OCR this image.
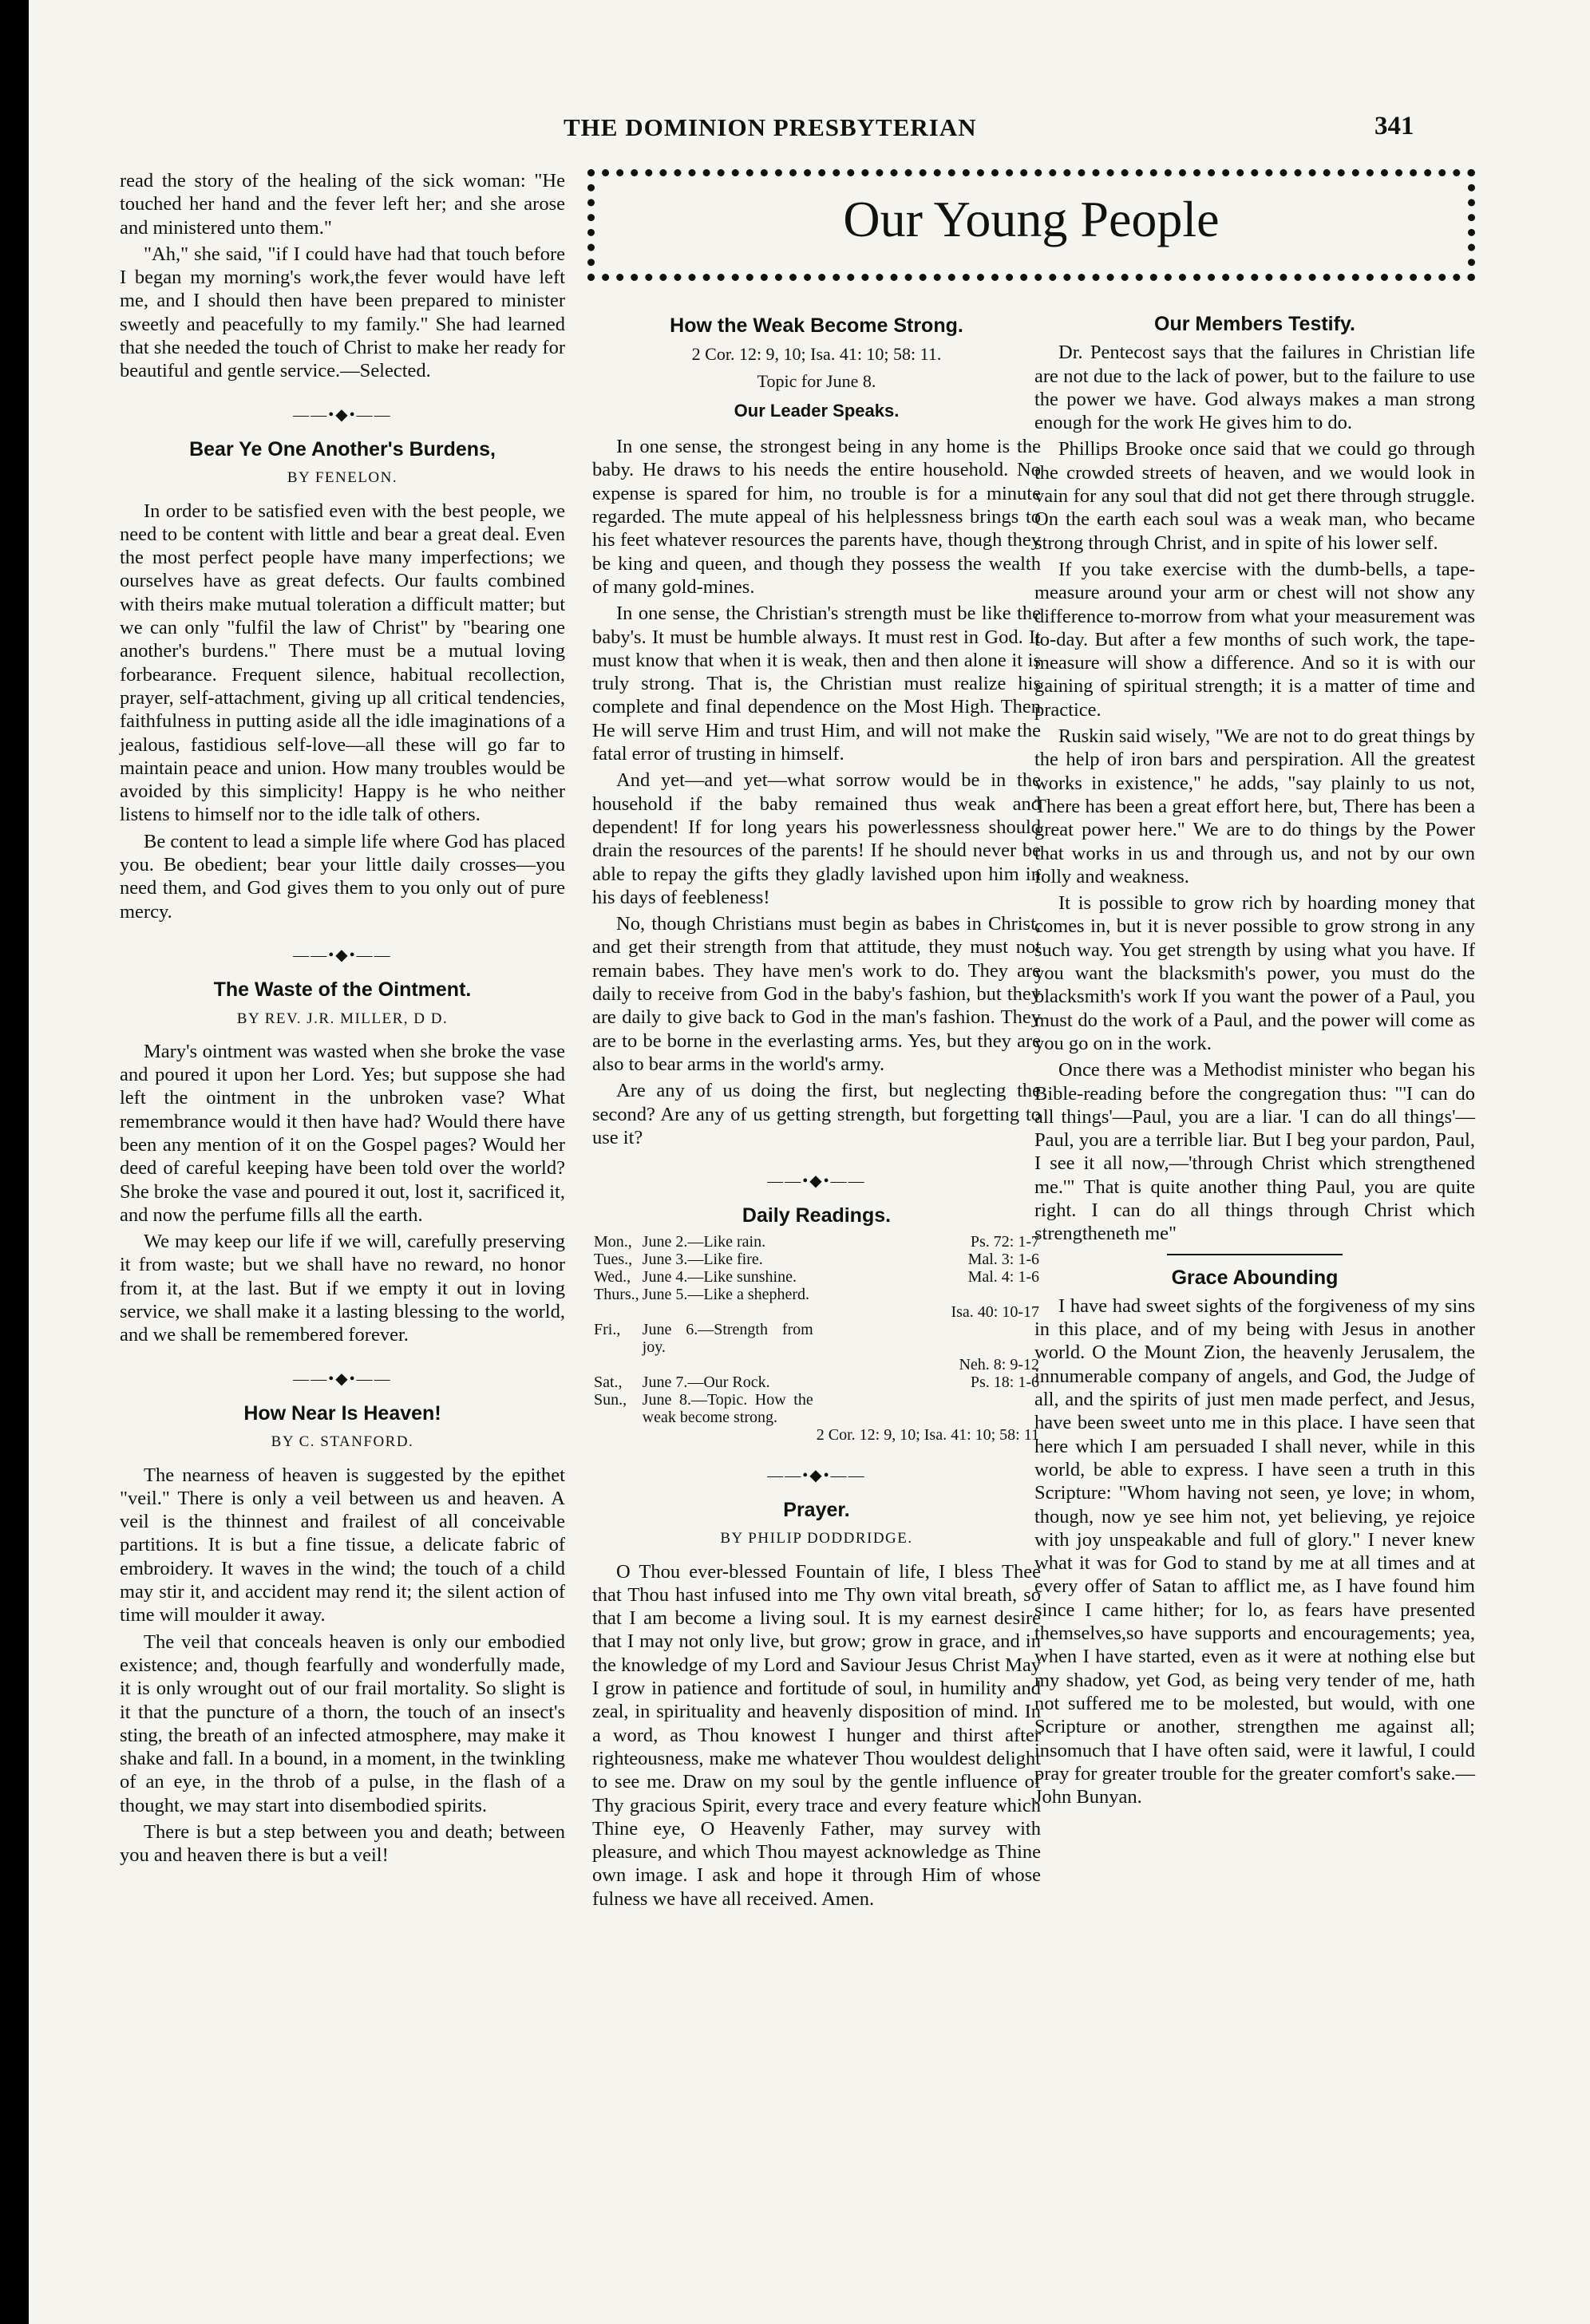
THE DOMINION PRESBYTERIAN	341
Our Young People

read the story of the healing of the sick woman: "He touched her hand and the fever left her; and she arose and ministered unto them."

"Ah," she said, "if I could have had that touch before I began my morning's work,the fever would have left me, and I should then have been prepared to minister sweetly and peacefully to my family." She had learned that she needed the touch of Christ to make her ready for beautiful and gentle service.—Selected.

——•◆•——
Bear Ye One Another's Burdens,
BY FENELON.

In order to be satisfied even with the best people, we need to be content with little and bear a great deal. Even the most perfect people have many imperfections; we ourselves have as great defects. Our faults combined with theirs make mutual toleration a difficult matter; but we can only "fulfil the law of Christ" by "bearing one another's burdens." There must be a mutual loving forbearance. Frequent silence, habitual recollection, prayer, self-attachment, giving up all critical tendencies, faithfulness in putting aside all the idle imaginations of a jealous, fastidious self-love—all these will go far to maintain peace and union. How many troubles would be avoided by this simplicity! Happy is he who neither listens to himself nor to the idle talk of others.

Be content to lead a simple life where God has placed you. Be obedient; bear your little daily crosses—you need them, and God gives them to you only out of pure mercy.

——•◆•——
The Waste of the Ointment.
BY REV. J.R. MILLER, D D.

Mary's ointment was wasted when she broke the vase and poured it upon her Lord. Yes; but suppose she had left the ointment in the unbroken vase? What remembrance would it then have had? Would there have been any mention of it on the Gospel pages? Would her deed of careful keeping have been told over the world? She broke the vase and poured it out, lost it, sacrificed it, and now the perfume fills all the earth.

We may keep our life if we will, carefully preserving it from waste; but we shall have no reward, no honor from it, at the last. But if we empty it out in loving service, we shall make it a lasting blessing to the world, and we shall be remembered forever.

——•◆•——
How Near Is Heaven!
BY C. STANFORD.

The nearness of heaven is suggested by the epithet "veil." There is only a veil between us and heaven. A veil is the thinnest and frailest of all conceivable partitions. It is but a fine tissue, a delicate fabric of embroidery. It waves in the wind; the touch of a child may stir it, and accident may rend it; the silent action of time will moulder it away.

The veil that conceals heaven is only our embodied existence; and, though fearfully and wonderfully made, it is only wrought out of our frail mortality. So slight is it that the puncture of a thorn, the touch of an insect's sting, the breath of an infected atmosphere, may make it shake and fall. In a bound, in a moment, in the twinkling of an eye, in the throb of a pulse, in the flash of a thought, we may start into disembodied spirits.

There is but a step between you and death; between you and heaven there is but a veil!

How the Weak Become Strong.
2 Cor. 12: 9, 10; Isa. 41: 10; 58: 11.
Topic for June 8.
Our Leader Speaks.

In one sense, the strongest being in any home is the baby. He draws to his needs the entire household. No expense is spared for him, no trouble is for a minute regarded. The mute appeal of his helplessness brings to his feet whatever resources the parents have, though they be king and queen, and though they possess the wealth of many gold-mines.

In one sense, the Christian's strength must be like the baby's. It must be humble always. It must rest in God. It must know that when it is weak, then and then alone it is truly strong. That is, the Christian must realize his complete and final dependence on the Most High. Then He will serve Him and trust Him, and will not make the fatal error of trusting in himself.

And yet—and yet—what sorrow would be in the household if the baby remained thus weak and dependent! If for long years his powerlessness should drain the resources of the parents! If he should never be able to repay the gifts they gladly lavished upon him in his days of feebleness!

No, though Christians must begin as babes in Christ, and get their strength from that attitude, they must not remain babes. They have men's work to do. They are daily to receive from God in the baby's fashion, but they are daily to give back to God in the man's fashion. They are to be borne in the everlasting arms. Yes, but they are also to bear arms in the world's army.

Are any of us doing the first, but neglecting the second? Are any of us getting strength, but forgetting to use it?

——•◆•——
Daily Readings.
Mon.,	June 2.—Like rain.	Ps. 72: 1-7
Tues.,	June 3.—Like fire.	Mal. 3: 1-6
Wed.,	June 4.—Like sunshine.	Mal. 4: 1-6
Thurs.,	June 5.—Like a shepherd.	
		Isa. 40: 10-17
Fri.,	June 6.—Strength from joy.	
		Neh. 8: 9-12
Sat.,	June 7.—Our Rock.	Ps. 18: 1-6
Sun.,	June 8.—Topic. How the weak become strong.	
		2 Cor. 12: 9, 10; Isa. 41: 10; 58: 11
——•◆•——
Prayer.
BY PHILIP DODDRIDGE.

O Thou ever-blessed Fountain of life, I bless Thee that Thou hast infused into me Thy own vital breath, so that I am become a living soul. It is my earnest desire that I may not only live, but grow; grow in grace, and in the knowledge of my Lord and Saviour Jesus Christ May I grow in patience and fortitude of soul, in humility and zeal, in spirituality and heavenly disposition of mind. In a word, as Thou knowest I hunger and thirst after righteousness, make me whatever Thou wouldest delight to see me. Draw on my soul by the gentle influence of Thy gracious Spirit, every trace and every feature which Thine eye, O Heavenly Father, may survey with pleasure, and which Thou mayest acknowledge as Thine own image. I ask and hope it through Him of whose fulness we have all received. Amen.

Our Members Testify.

Dr. Pentecost says that the failures in Christian life are not due to the lack of power, but to the failure to use the power we have. God always makes a man strong enough for the work He gives him to do.

Phillips Brooke once said that we could go through the crowded streets of heaven, and we would look in vain for any soul that did not get there through struggle. On the earth each soul was a weak man, who became strong through Christ, and in spite of his lower self.

If you take exercise with the dumb-bells, a tape-measure around your arm or chest will not show any difference to-morrow from what your measurement was to-day. But after a few months of such work, the tape-measure will show a difference. And so it is with our gaining of spiritual strength; it is a matter of time and practice.

Ruskin said wisely, "We are not to do great things by the help of iron bars and perspiration. All the greatest works in existence," he adds, "say plainly to us not, There has been a great effort here, but, There has been a great power here." We are to do things by the Power that works in us and through us, and not by our own folly and weakness.

It is possible to grow rich by hoarding money that comes in, but it is never possible to grow strong in any such way. You get strength by using what you have. If you want the blacksmith's power, you must do the blacksmith's work If you want the power of a Paul, you must do the work of a Paul, and the power will come as you go on in the work.

Once there was a Methodist minister who began his Bible-reading before the congregation thus: "'I can do all things'—Paul, you are a liar. 'I can do all things'—Paul, you are a terrible liar. But I beg your pardon, Paul, I see it all now,—'through Christ which strengthened me.'" That is quite another thing Paul, you are quite right. I can do all things through Christ which strengtheneth me"

Grace Abounding

I have had sweet sights of the forgiveness of my sins in this place, and of my being with Jesus in another world. O the Mount Zion, the heavenly Jerusalem, the innumerable company of angels, and God, the Judge of all, and the spirits of just men made perfect, and Jesus, have been sweet unto me in this place. I have seen that here which I am persuaded I shall never, while in this world, be able to express. I have seen a truth in this Scripture: "Whom having not seen, ye love; in whom, though, now ye see him not, yet believing, ye rejoice with joy unspeakable and full of glory." I never knew what it was for God to stand by me at all times and at every offer of Satan to afflict me, as I have found him since I came hither; for lo, as fears have presented themselves,so have supports and encouragements; yea, when I have started, even as it were at nothing else but my shadow, yet God, as being very tender of me, hath not suffered me to be molested, but would, with one Scripture or another, strengthen me against all; insomuch that I have often said, were it lawful, I could pray for greater trouble for the greater comfort's sake.—John Bunyan.
